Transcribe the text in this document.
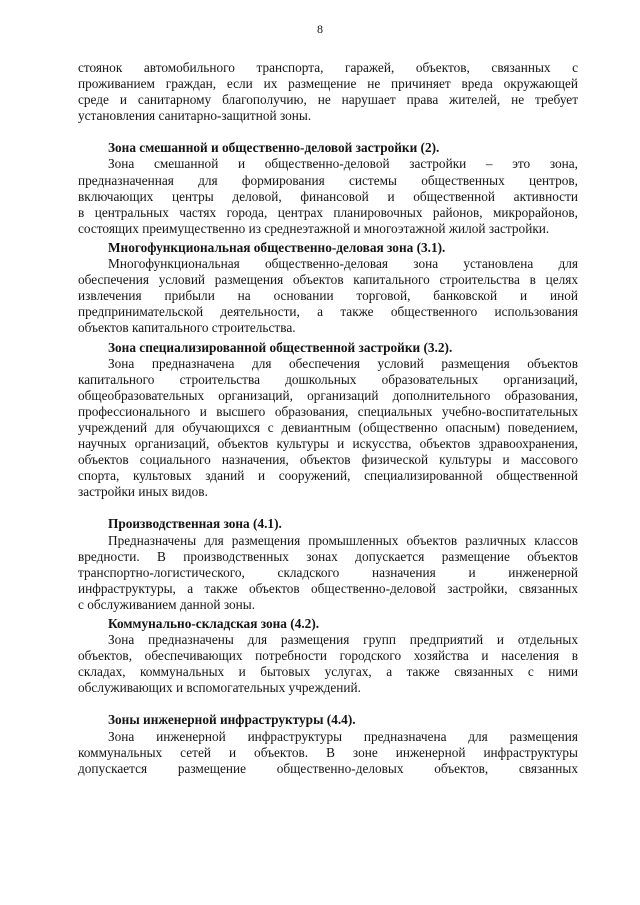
8
стоянок автомобильного транспорта, гаражей, объектов, связанных с
проживанием граждан, если их размещение не причиняет вреда окружающей
среде и санитарному благополучию, не нарушает права жителей, не требует
установления санитарно-защитной зоны.
Зона смешанной и общественно-деловой застройки (2).
Зона смешанной и общественно-деловой застройки – это зона,
предназначенная для формирования системы общественных центров,
включающих центры деловой, финансовой и общественной активности
в центральных частях города, центрах планировочных районов, микрорайонов,
состоящих преимущественно из среднеэтажной и многоэтажной жилой застройки.
Многофункциональная общественно-деловая зона (3.1).
Многофункциональная общественно-деловая зона установлена для
обеспечения условий размещения объектов капитального строительства в целях
извлечения прибыли на основании торговой, банковской и иной
предпринимательской деятельности, а также общественного использования
объектов капитального строительства.
Зона специализированной общественной застройки (3.2).
Зона предназначена для обеспечения условий размещения объектов
капитального строительства дошкольных образовательных организаций,
общеобразовательных организаций, организаций дополнительного образования,
профессионального и высшего образования, специальных учебно-воспитательных
учреждений для обучающихся с девиантным (общественно опасным) поведением,
научных организаций, объектов культуры и искусства, объектов здравоохранения,
объектов социального назначения, объектов физической культуры и массового
спорта, культовых зданий и сооружений, специализированной общественной
застройки иных видов.
Производственная зона (4.1).
Предназначены для размещения промышленных объектов различных классов
вредности. В производственных зонах допускается размещение объектов
транспортно-логистического, складского назначения и инженерной
инфраструктуры, а также объектов общественно-деловой застройки, связанных
с обслуживанием данной зоны.
Коммунально-складская зона (4.2).
Зона предназначены для размещения групп предприятий и отдельных
объектов, обеспечивающих потребности городского хозяйства и населения в
складах, коммунальных и бытовых услугах, а также связанных с ними
обслуживающих и вспомогательных учреждений.
Зоны инженерной инфраструктуры (4.4).
Зона инженерной инфраструктуры предназначена для размещения
коммунальных сетей и объектов. В зоне инженерной инфраструктуры
допускается размещение общественно-деловых объектов, связанных
